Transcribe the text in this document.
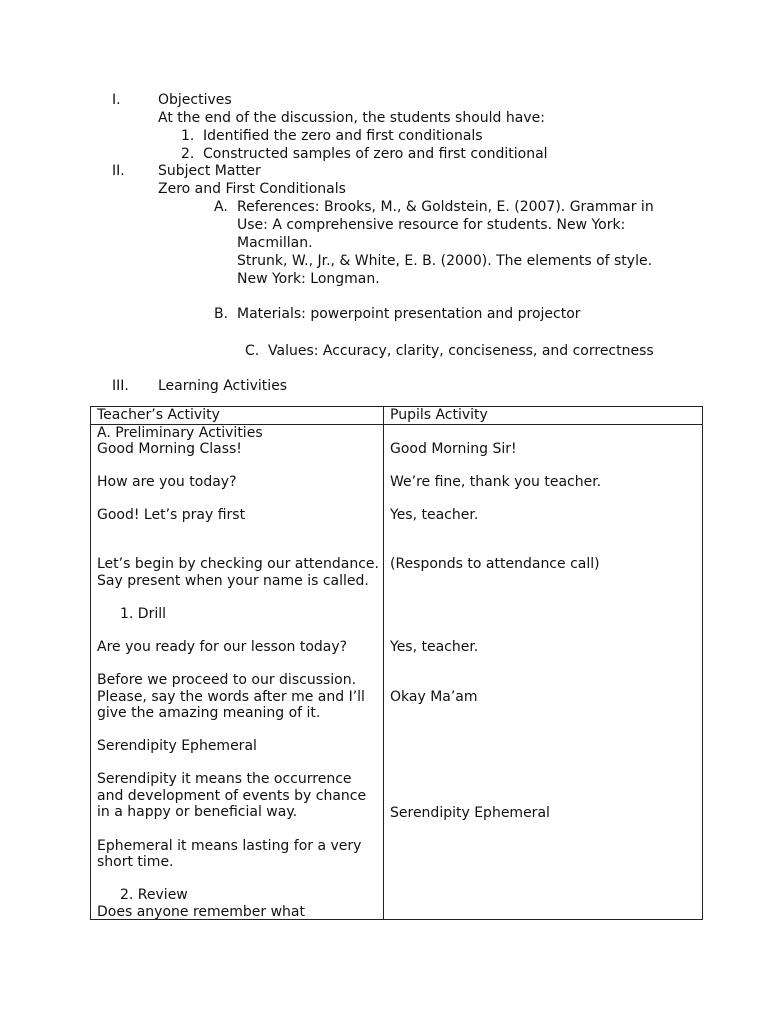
I.	Objectives
At the end of the discussion, the students should have:
1. Identified the zero and first conditionals
2. Constructed samples of zero and first conditional
II. Subject Matter
Zero and First Conditionals
A. References: Brooks, M., & Goldstein, E. (2007). Grammar in
Use: A comprehensive resource for students. New York:
Macmillan.
Strunk, W., Jr., & White, E. B. (2000). The elements of style.
New York: Longman.
B. Materials: powerpoint presentation and projector
C. Values: Accuracy, clarity, conciseness, and correctness
III. Learning Activities
Teacher’s Activity	Pupils Activity
A. Preliminary Activities
Good Morning Class!
How are you today?
Good! Let’s pray first
Let’s begin by checking our attendance.
Say present when your name is called.
1. Drill
Are you ready for our lesson today?
Before we proceed to our discussion.
Please, say the words after me and I’ll
give the amazing meaning of it.
Serendipity Ephemeral
Serendipity it means the occurrence
and development of events by chance
in a happy or beneficial way.
Ephemeral it means lasting for a very
short time.
2. Review
Does anyone remember what
Good Morning Sir!
We’re fine, thank you teacher.
Yes, teacher.
(Responds to attendance call)
Yes, teacher.
Okay Ma’am
Serendipity Ephemeral
